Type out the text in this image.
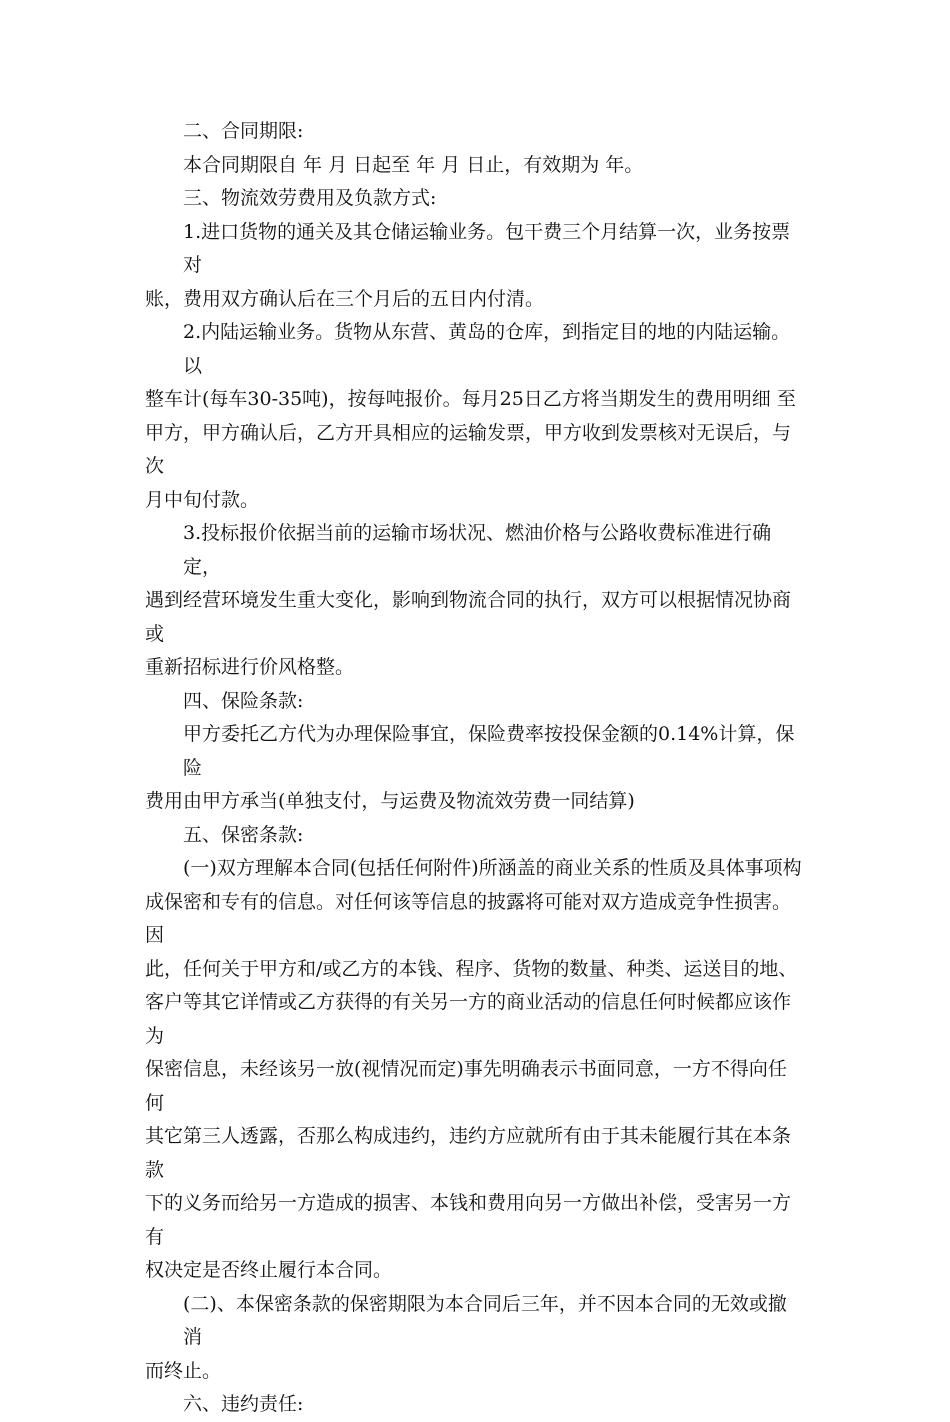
二、合同期限:

本合同期限自 年 月 日起至 年 月 日止，有效期为 年。

三、物流效劳费用及负款方式:

1.进口货物的通关及其仓储运输业务。包干费三个月结算一次，业务按票对
账，费用双方确认后在三个月后的五日内付清。
2.内陆运输业务。货物从东营、黄岛的仓库，到指定目的地的内陆运输。以
整车计(每车30-35吨)，按每吨报价。每月25日乙方将当期发生的费用明细 至
甲方，甲方确认后，乙方开具相应的运输发票，甲方收到发票核对无误后，与次
月中旬付款。
3.投标报价依据当前的运输市场状况、燃油价格与公路收费标准进行确定，
遇到经营环境发生重大变化，影响到物流合同的执行，双方可以根据情况协商或
重新招标进行价风格整。

四、保险条款:

甲方委托乙方代为办理保险事宜，保险费率按投保金额的0.14%计算，保险
费用由甲方承当(单独支付，与运费及物流效劳费一同结算)

五、保密条款:

(一)双方理解本合同(包括任何附件)所涵盖的商业关系的性质及具体事项构
成保密和专有的信息。对任何该等信息的披露将可能对双方造成竞争性损害。因
此，任何关于甲方和/或乙方的本钱、程序、货物的数量、种类、运送目的地、
客户等其它详情或乙方获得的有关另一方的商业活动的信息任何时候都应该作为
保密信息，未经该另一放(视情况而定)事先明确表示书面同意，一方不得向任何
其它第三人透露，否那么构成违约，违约方应就所有由于其未能履行其在本条款
下的义务而给另一方造成的损害、本钱和费用向另一方做出补偿，受害另一方有
权决定是否终止履行本合同。
(二)、本保密条款的保密期限为本合同后三年，并不因本合同的无效或撤消
而终止。

六、违约责任:
